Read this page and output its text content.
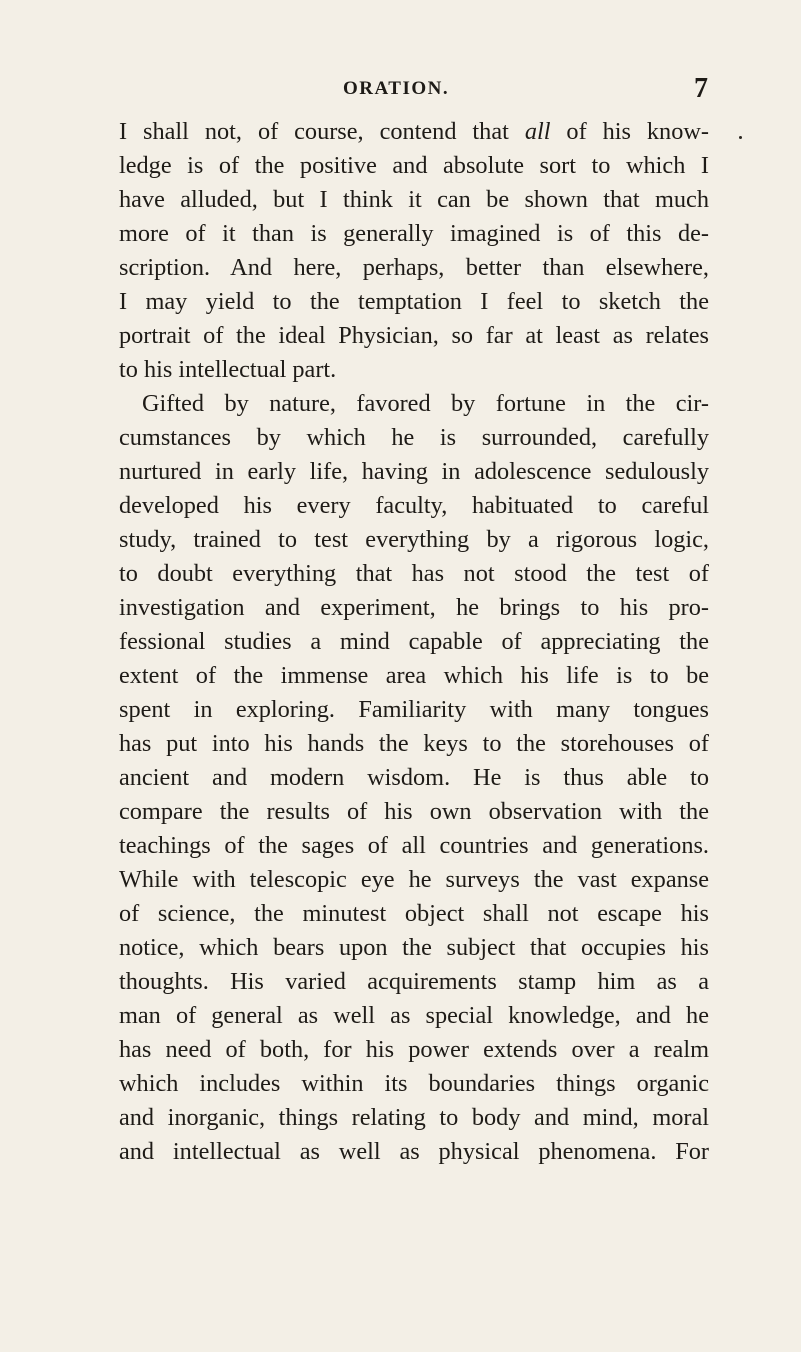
ORATION.	7
I shall not, of course, contend that all of his know-
ledge is of the positive and absolute sort to which I
have alluded, but I think it can be shown that much
more of it than is generally imagined is of this de-
scription. And here, perhaps, better than elsewhere,
I may yield to the temptation I feel to sketch the
portrait of the ideal Physician, so far at least as relates
to his intellectual part.
Gifted by nature, favored by fortune in the cir-
cumstances by which he is surrounded, carefully
nurtured in early life, having in adolescence sedulously
developed his every faculty, habituated to careful
study, trained to test everything by a rigorous logic,
to doubt everything that has not stood the test of
investigation and experiment, he brings to his pro-
fessional studies a mind capable of appreciating the
extent of the immense area which his life is to be
spent in exploring. Familiarity with many tongues
has put into his hands the keys to the storehouses of
ancient and modern wisdom. He is thus able to
compare the results of his own observation with the
teachings of the sages of all countries and generations.
While with telescopic eye he surveys the vast expanse
of science, the minutest object shall not escape his
notice, which bears upon the subject that occupies his
thoughts. His varied acquirements stamp him as a
man of general as well as special knowledge, and he
has need of both, for his power extends over a realm
which includes within its boundaries things organic
and inorganic, things relating to body and mind, moral
and intellectual as well as physical phenomena. For
